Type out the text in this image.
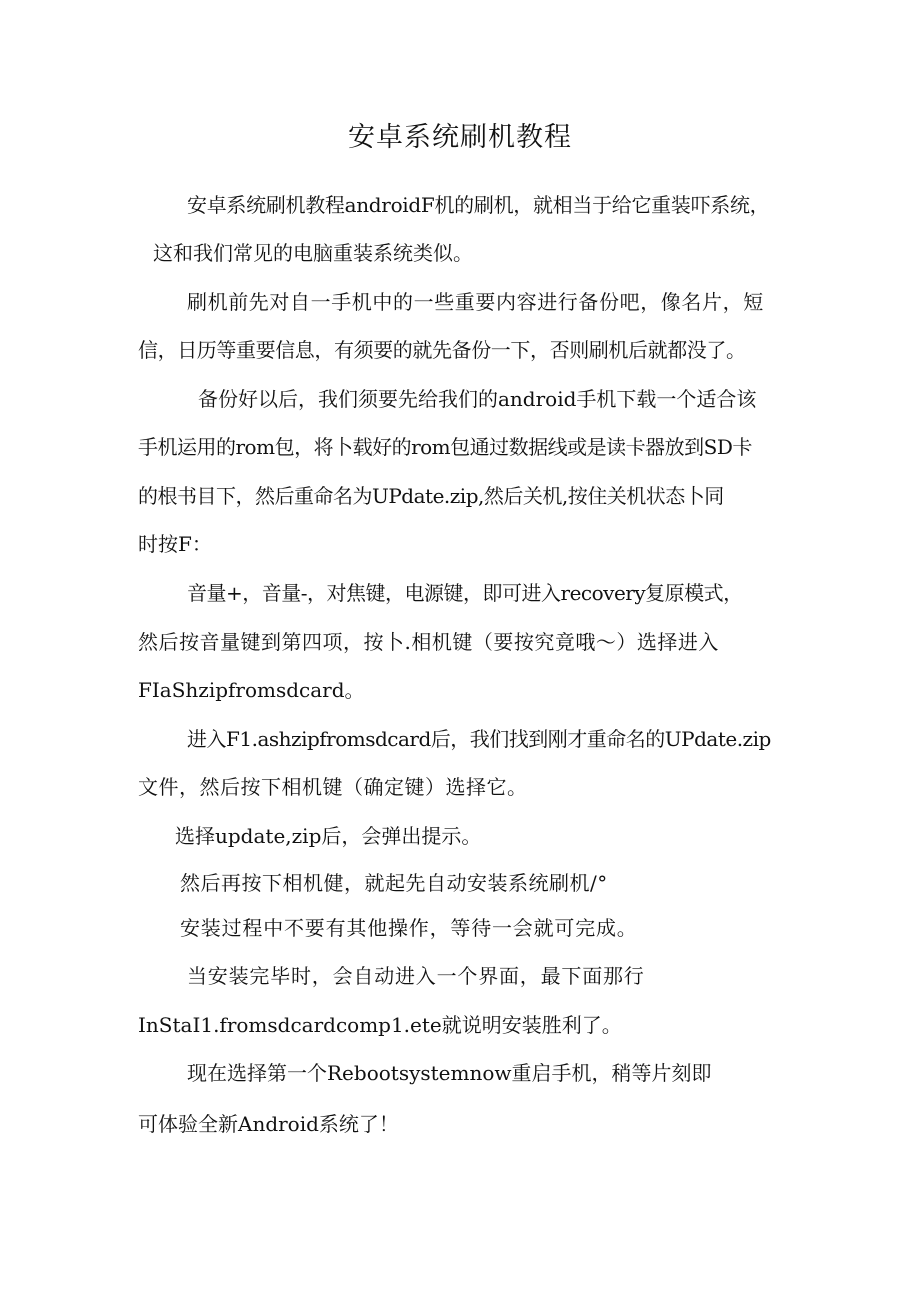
安卓系统刷机教程

安卓系统刷机教程androidF机的刷机，就相当于给它重装吓系统，

这和我们常见的电脑重装系统类似。

刷机前先对自一手机中的一些重要内容进行备份吧，像名片，短

信，日历等重要信息，有须要的就先备份一下，否则刷机后就都没了。

备份好以后，我们须要先给我们的android手机下载一个适合该

手机运用的rom包，将卜载好的rom包通过数据线或是读卡器放到SD卡

的根书目下，然后重命名为UPdate.zip,然后关机,按住关机状态卜同

时按F：

音量+，音量-，对焦键，电源键，即可进入recovery复原模式，

然后按音量键到第四项，按卜.相机键（要按究竟哦～）选择进入

FIaShzipfromsdcard。

进入F1.ashzipfromsdcard后，我们找到刚才重命名的UPdate.zip

文件，然后按下相机键（确定键）选择它。

选择update,zip后，会弹出提示。

然后再按下相机健，就起先自动安装系统刷机/°

安装过程中不要有其他操作，等待一会就可完成。

当安装完毕时，会自动进入一个界面，最下面那行

InStaI1.fromsdcardcomp1.ete就说明安装胜利了。

现在选择第一个Rebootsystemnow重启手机，稍等片刻即

可体验全新Android系统了！
